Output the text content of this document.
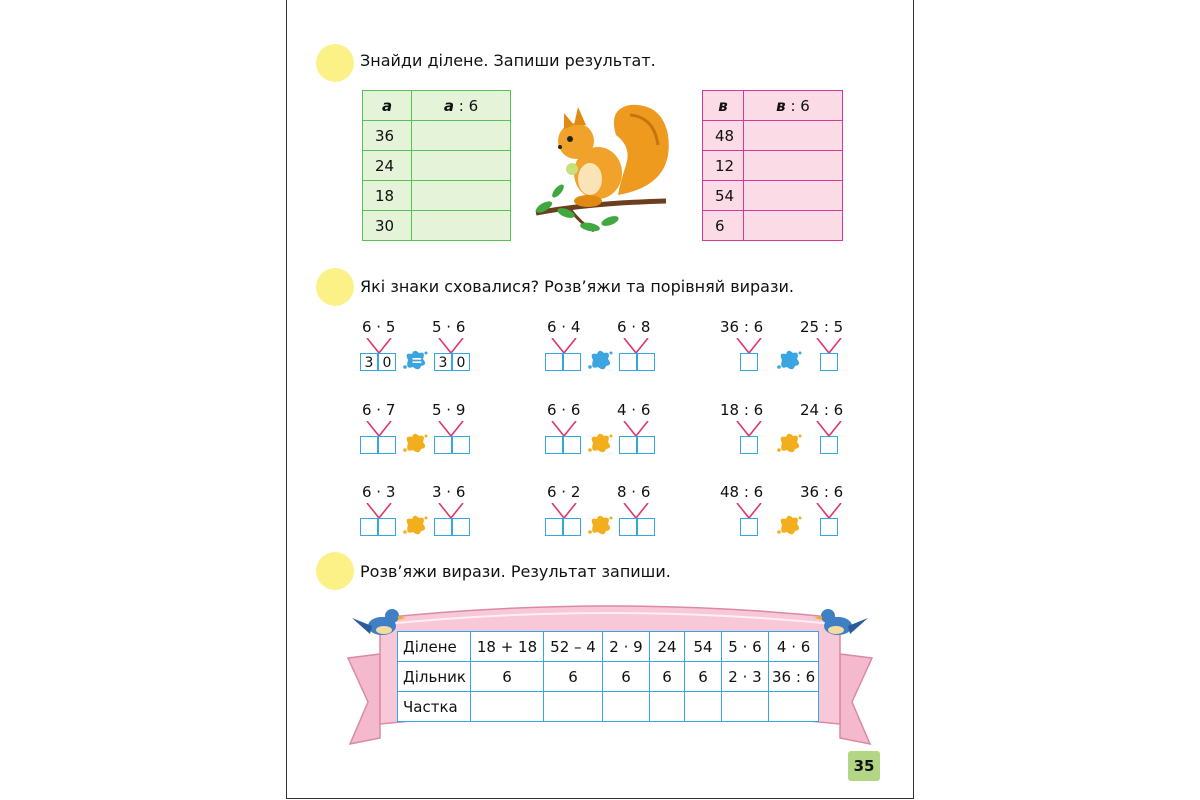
Знайди ділене. Запиши результат.
а	а : 6
36	
24	
18	
30	
в	в : 6
48	
12	
54	
6	
Які знаки сховалися? Розв’яжи та порівняй вирази.
6 · 5 5 · 6
3 0	3 0
=
6 · 4 6 · 8	36 : 6 25 : 5
6 · 7 5 · 9	6 · 6 4 · 6	18 : 6 24 : 6
6 · 3 3 · 6	6 · 2 8 · 6	48 : 6 36 : 6
Розв’яжи вирази. Результат запиши.
Ділене	18 + 18	52 – 4	2 · 9	24	54	5 · 6	4 · 6
Дільник	6	6	6	6	6	2 · 3	36 : 6
Частка							
35
